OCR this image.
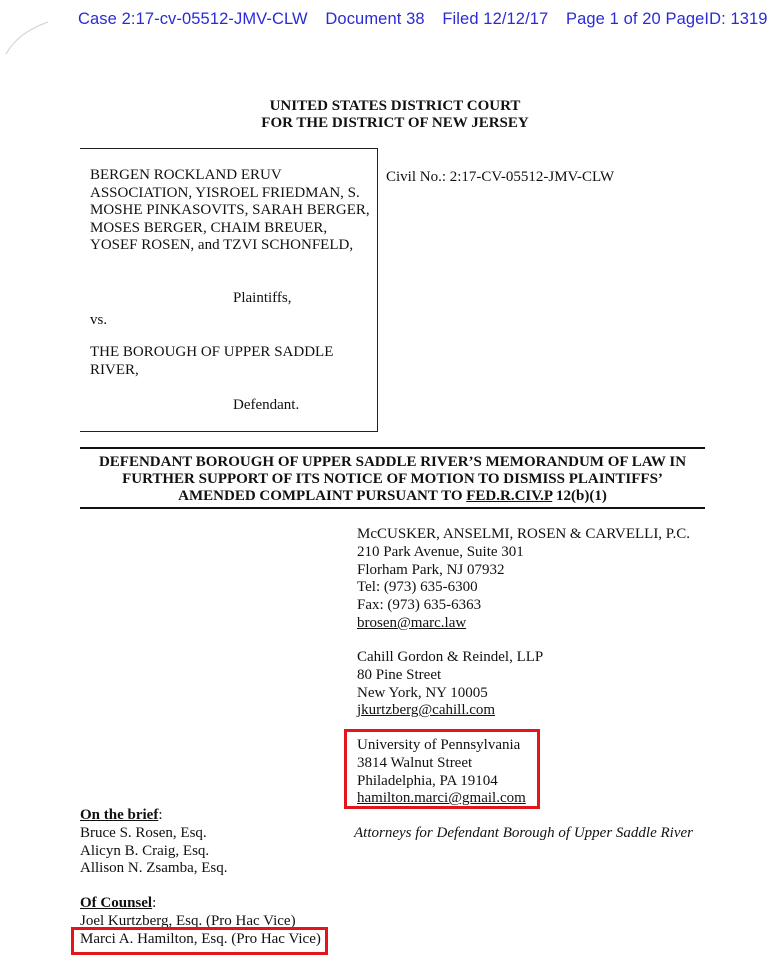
Case 2:17-cv-05512-JMV-CLW Document 38 Filed 12/12/17 Page 1 of 20 PageID: 1319
UNITED STATES DISTRICT COURT
FOR THE DISTRICT OF NEW JERSEY
BERGEN ROCKLAND ERUV ASSOCIATION, YISROEL FRIEDMAN, S. MOSHE PINKASOVITS, SARAH BERGER, MOSES BERGER, CHAIM BREUER, YOSEF ROSEN, and TZVI SCHONFELD,
Plaintiffs,
vs.
THE BOROUGH OF UPPER SADDLE RIVER,
Defendant.
Civil No.: 2:17-CV-05512-JMV-CLW
DEFENDANT BOROUGH OF UPPER SADDLE RIVER’S MEMORANDUM OF LAW IN
FURTHER SUPPORT OF ITS NOTICE OF MOTION TO DISMISS PLAINTIFFS’
AMENDED COMPLAINT PURSUANT TO FED.R.CIV.P 12(b)(1)
McCUSKER, ANSELMI, ROSEN & CARVELLI, P.C.
210 Park Avenue, Suite 301
Florham Park, NJ 07932
Tel: (973) 635-6300
Fax: (973) 635-6363
brosen@marc.law
Cahill Gordon & Reindel, LLP
80 Pine Street
New York, NY 10005
jkurtzberg@cahill.com
University of Pennsylvania
3814 Walnut Street
Philadelphia, PA 19104
hamilton.marci@gmail.com
Attorneys for Defendant Borough of Upper Saddle River
On the brief:
Bruce S. Rosen, Esq.
Alicyn B. Craig, Esq.
Allison N. Zsamba, Esq.
Of Counsel:
Joel Kurtzberg, Esq. (Pro Hac Vice)
Marci A. Hamilton, Esq. (Pro Hac Vice)
